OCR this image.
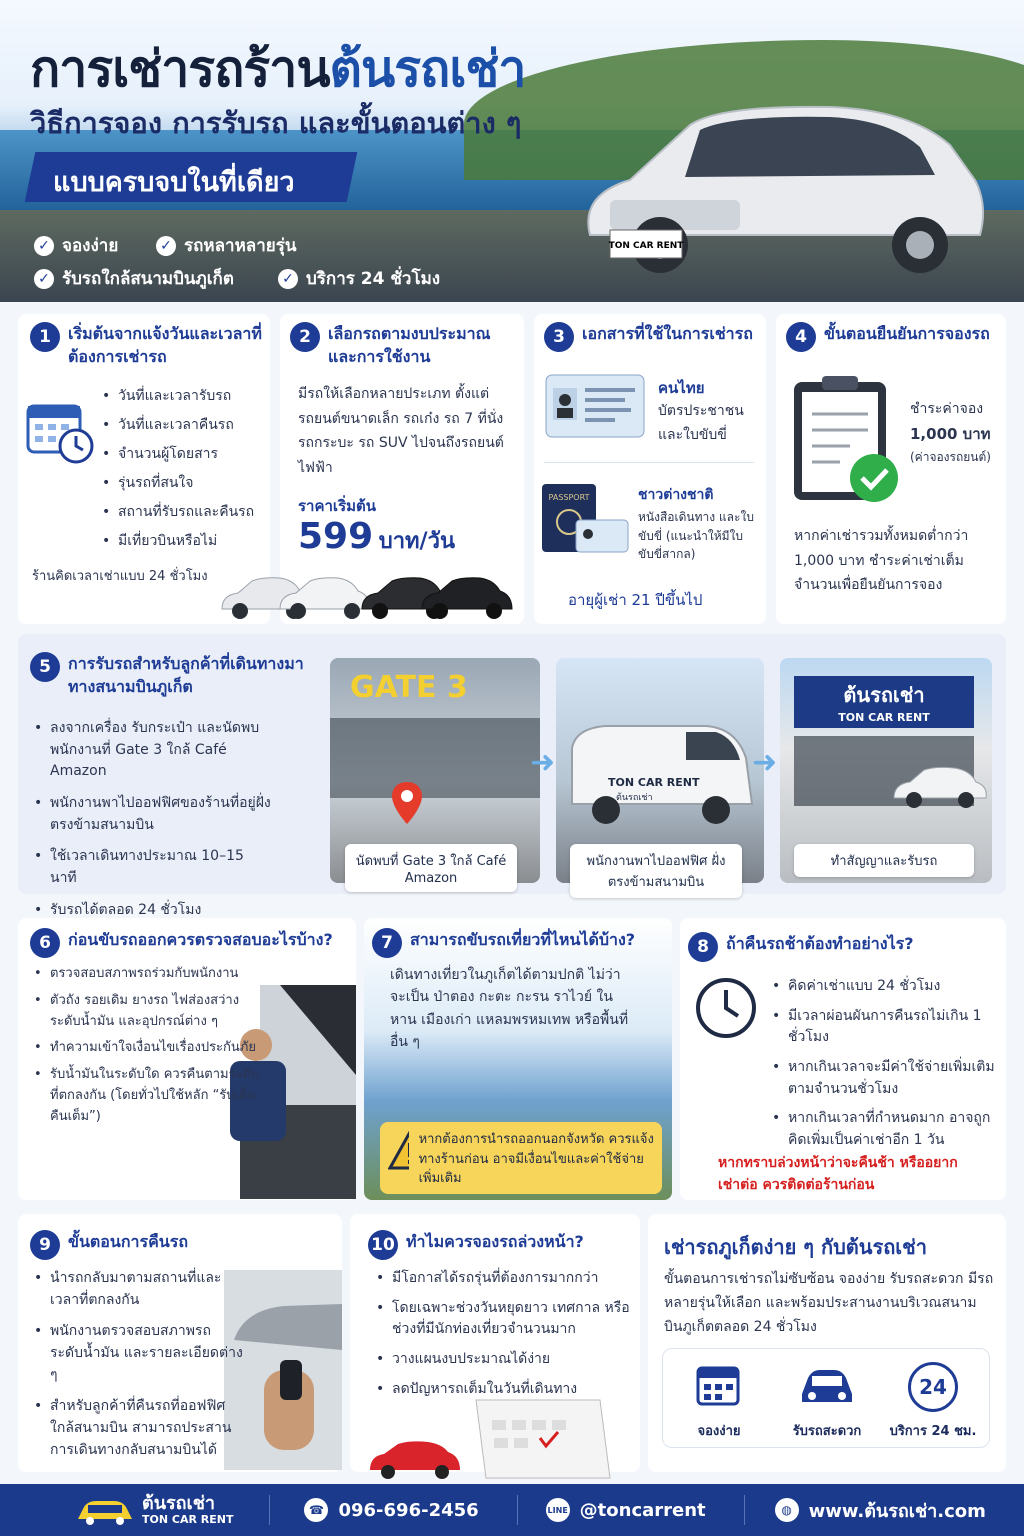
การเช่ารถร้านต้นรถเช่า
วิธีการจอง การรับรถ และขั้นตอนต่าง ๆ
แบบครบจบในที่เดียว
✓ จองง่าย	✓ รถหลาหลายรุ่น
✓ รับรถใกล้สนามบินภูเก็ต	✓ บริการ 24 ชั่วโมง
TON CAR RENT
1	เริ่มต้นจากแจ้งวันและเวลาที่ต้องการเช่ารถ
• วันที่และเวลารับรถ
• วันที่และเวลาคืนรถ
• จำนวนผู้โดยสาร
• รุ่นรถที่สนใจ
• สถานที่รับรถและคืนรถ
• มีเที่ยวบินหรือไม่
ร้านคิดเวลาเช่าแบบ 24 ชั่วโมง
2	เลือกรถตามงบประมาณและการใช้งาน
มีรถให้เลือกหลายประเภท ตั้งแต่รถยนต์ขนาดเล็ก รถเก๋ง รถ 7 ที่นั่ง รถกระบะ รถ SUV ไปจนถึงรถยนต์ไฟฟ้า
ราคาเริ่มต้น
599 บาท/วัน
3	เอกสารที่ใช้ในการเช่ารถ
คนไทย
บัตรประชาชนและใบขับขี่
PASSPORT	ชาวต่างชาติ
หนังสือเดินทาง และใบขับขี่ (แนะนำให้มีใบขับขี่สากล)
อายุผู้เช่า 21 ปีขึ้นไป
4	ขั้นตอนยืนยันการจองรถ
ชำระค่าจอง
1,000 บาท
(ค่าจองรถยนต์)
หากค่าเช่ารวมทั้งหมดต่ำกว่า 1,000 บาท ชำระค่าเช่าเต็มจำนวนเพื่อยืนยันการจอง
5	การรับรถสำหรับลูกค้าที่เดินทางมาทางสนามบินภูเก็ต
• ลงจากเครื่อง รับกระเป๋า และนัดพบพนักงานที่ Gate 3 ใกล้ Café Amazon
• พนักงานพาไปออฟฟิศของร้านที่อยู่ฝั่งตรงข้ามสนามบิน
• ใช้เวลาเดินทางประมาณ 10–15 นาที
• รับรถได้ตลอด 24 ชั่วโมง
GATE 3
นัดพบที่ Gate 3 ใกล้ Café Amazon
➜
TON CAR RENT
ต้นรถเช่า
พนักงานพาไปออฟฟิศ ฝั่งตรงข้ามสนามบิน
➜
ต้นรถเช่า
TON CAR RENT
ทำสัญญาและรับรถ
6	ก่อนขับรถออกควรตรวจสอบอะไรบ้าง?
• ตรวจสอบสภาพรถร่วมกับพนักงาน
• ตัวถัง รอยเดิม ยางรถ ไฟส่องสว่าง ระดับน้ำมัน และอุปกรณ์ต่าง ๆ
• ทำความเข้าใจเงื่อนไขเรื่องประกันภัย
• รับน้ำมันในระดับใด ควรคืนตามระดับที่ตกลงกัน (โดยทั่วไปใช้หลัก “รับเต็ม คืนเต็ม”)
7	สามารถขับรถเที่ยวที่ไหนได้บ้าง?
เดินทางเที่ยวในภูเก็ตได้ตามปกติ ไม่ว่าจะเป็น ป่าตอง กะตะ กะรน ราไวย์ ในหาน เมืองเก่า แหลมพรหมเทพ หรือพื้นที่อื่น ๆ
หากต้องการนำรถออกนอกจังหวัด ควรแจ้งทางร้านก่อน อาจมีเงื่อนไขและค่าใช้จ่ายเพิ่มเติม
8	ถ้าคืนรถช้าต้องทำอย่างไร?
• คิดค่าเช่าแบบ 24 ชั่วโมง
• มีเวลาผ่อนผันการคืนรถไม่เกิน 1 ชั่วโมง
• หากเกินเวลาจะมีค่าใช้จ่ายเพิ่มเติมตามจำนวนชั่วโมง
• หากเกินเวลาที่กำหนดมาก อาจถูกคิดเพิ่มเป็นค่าเช่าอีก 1 วัน
หากทราบล่วงหน้าว่าจะคืนช้า หรืออยากเช่าต่อ ควรติดต่อร้านก่อน
9	ขั้นตอนการคืนรถ
• นำรถกลับมาตามสถานที่และเวลาที่ตกลงกัน
• พนักงานตรวจสอบสภาพรถ ระดับน้ำมัน และรายละเอียดต่าง ๆ
• สำหรับลูกค้าที่คืนรถที่ออฟฟิศใกล้สนามบิน สามารถประสานการเดินทางกลับสนามบินได้
10 ทำไมควรจองรถล่วงหน้า?
• มีโอกาสได้รถรุ่นที่ต้องการมากกว่า
• โดยเฉพาะช่วงวันหยุดยาว เทศกาล หรือช่วงที่มีนักท่องเที่ยวจำนวนมาก
• วางแผนงบประมาณได้ง่าย
• ลดปัญหารถเต็มในวันที่เดินทาง
เช่ารถภูเก็ตง่าย ๆ กับต้นรถเช่า
ขั้นตอนการเช่ารถไม่ซับซ้อน จองง่าย รับรถสะดวก มีรถหลายรุ่นให้เลือก และพร้อมประสานงานบริเวณสนามบินภูเก็ตตลอด 24 ชั่วโมง
จองง่าย	รับรถสะดวก
24
บริการ 24 ชม.
ต้นรถเช่า
TON CAR RENT
☎ 096-696-2456	LINE @toncarrent	◍ www.ต้นรถเช่า.com
